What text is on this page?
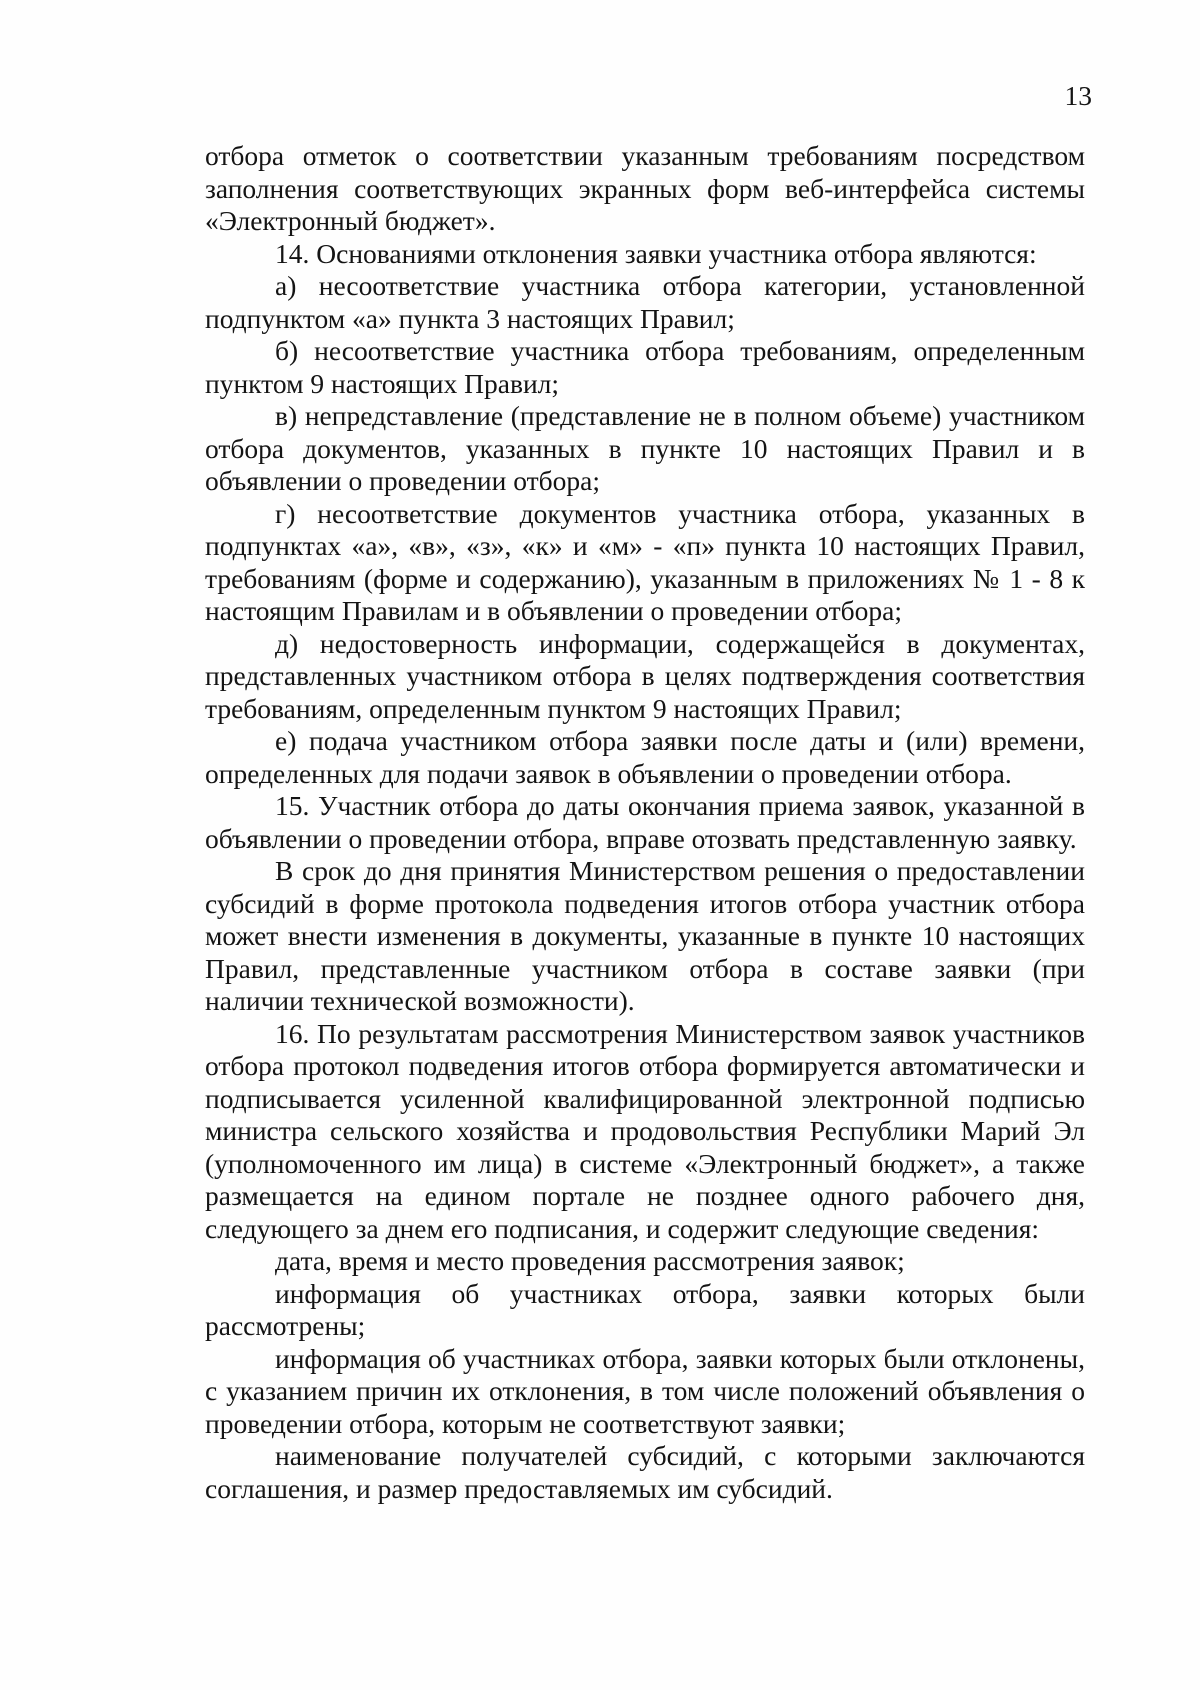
13

отбора отметок о соответствии указанным требованиям посредством заполнения соответствующих экранных форм веб-интерфейса системы «Электронный бюджет».

14. Основаниями отклонения заявки участника отбора являются:

а) несоответствие участника отбора категории, установленной подпунктом «а» пункта 3 настоящих Правил;

б) несоответствие участника отбора требованиям, определенным пунктом 9 настоящих Правил;

в) непредставление (представление не в полном объеме) участником отбора документов, указанных в пункте 10 настоящих Правил и в объявлении о проведении отбора;

г) несоответствие документов участника отбора, указанных в подпунктах «а», «в», «з», «к» и «м» - «п» пункта 10 настоящих Правил, требованиям (форме и содержанию), указанным в приложениях № 1 - 8 к настоящим Правилам и в объявлении о проведении отбора;

д) недостоверность информации, содержащейся в документах, представленных участником отбора в целях подтверждения соответствия требованиям, определенным пунктом 9 настоящих Правил;

е) подача участником отбора заявки после даты и (или) времени, определенных для подачи заявок в объявлении о проведении отбора.

15. Участник отбора до даты окончания приема заявок, указанной в объявлении о проведении отбора, вправе отозвать представленную заявку.

В срок до дня принятия Министерством решения о предоставлении субсидий в форме протокола подведения итогов отбора участник отбора может внести изменения в документы, указанные в пункте 10 настоящих Правил, представленные участником отбора в составе заявки (при наличии технической возможности).

16. По результатам рассмотрения Министерством заявок участников отбора протокол подведения итогов отбора формируется автоматически и подписывается усиленной квалифицированной электронной подписью министра сельского хозяйства и продовольствия Республики Марий Эл (уполномоченного им лица) в системе «Электронный бюджет», а также размещается на едином портале не позднее одного рабочего дня, следующего за днем его подписания, и содержит следующие сведения:

дата, время и место проведения рассмотрения заявок;

информация об участниках отбора, заявки которых были рассмотрены;

информация об участниках отбора, заявки которых были отклонены, с указанием причин их отклонения, в том числе положений объявления о проведении отбора, которым не соответствуют заявки;

наименование получателей субсидий, с которыми заключаются соглашения, и размер предоставляемых им субсидий.
